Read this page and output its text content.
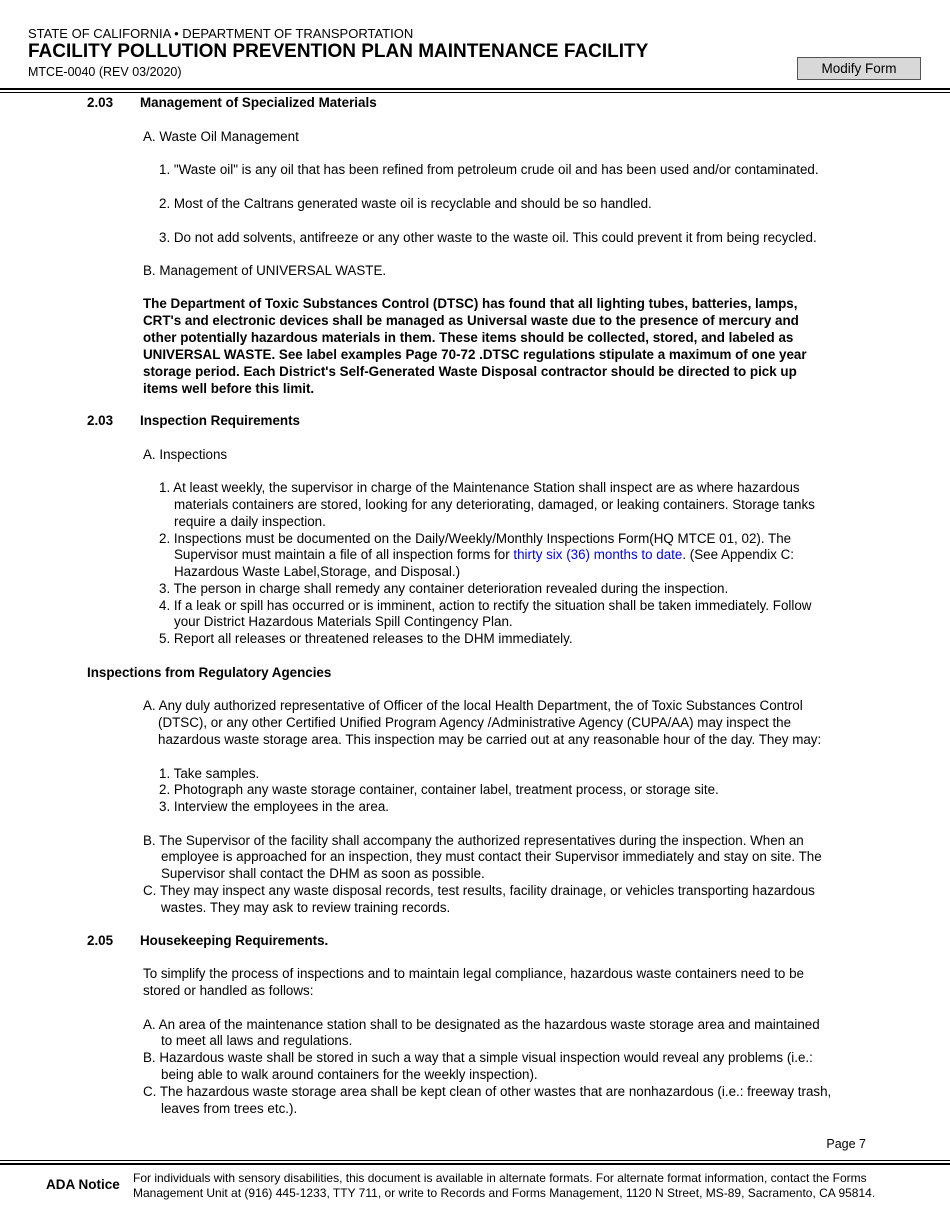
STATE OF CALIFORNIA • DEPARTMENT OF TRANSPORTATION
FACILITY POLLUTION PREVENTION PLAN MAINTENANCE FACILITY
MTCE-0040 (REV 03/2020)	Modify Form
2.03 Management of Specialized Materials
A. Waste Oil Management
1. "Waste oil" is any oil that has been refined from petroleum crude oil and has been used and/or contaminated.
2. Most of the Caltrans generated waste oil is recyclable and should be so handled.
3. Do not add solvents, antifreeze or any other waste to the waste oil. This could prevent it from being recycled.
B. Management of UNIVERSAL WASTE.
The Department of Toxic Substances Control (DTSC) has found that all lighting tubes, batteries, lamps,
CRT's and electronic devices shall be managed as Universal waste due to the presence of mercury and
other potentially hazardous materials in them. These items should be collected, stored, and labeled as
UNIVERSAL WASTE. See label examples Page 70-72 .DTSC regulations stipulate a maximum of one year
storage period. Each District's Self-Generated Waste Disposal contractor should be directed to pick up
items well before this limit.
2.03 Inspection Requirements
A. Inspections
1. At least weekly, the supervisor in charge of the Maintenance Station shall inspect are as where hazardous
materials containers are stored, looking for any deteriorating, damaged, or leaking containers. Storage tanks
require a daily inspection.
2. Inspections must be documented on the Daily/Weekly/Monthly Inspections Form(HQ MTCE 01, 02). The
Supervisor must maintain a file of all inspection forms for thirty six (36) months to date. (See Appendix C:
Hazardous Waste Label,Storage, and Disposal.)
3. The person in charge shall remedy any container deterioration revealed during the inspection.
4. If a leak or spill has occurred or is imminent, action to rectify the situation shall be taken immediately. Follow
your District Hazardous Materials Spill Contingency Plan.
5. Report all releases or threatened releases to the DHM immediately.
Inspections from Regulatory Agencies
A. Any duly authorized representative of Officer of the local Health Department, the of Toxic Substances Control
(DTSC), or any other Certified Unified Program Agency /Administrative Agency (CUPA/AA) may inspect the
hazardous waste storage area. This inspection may be carried out at any reasonable hour of the day. They may:
1. Take samples.
2. Photograph any waste storage container, container label, treatment process, or storage site.
3. Interview the employees in the area.
B. The Supervisor of the facility shall accompany the authorized representatives during the inspection. When an
employee is approached for an inspection, they must contact their Supervisor immediately and stay on site. The
Supervisor shall contact the DHM as soon as possible.
C. They may inspect any waste disposal records, test results, facility drainage, or vehicles transporting hazardous
wastes. They may ask to review training records.
2.05 Housekeeping Requirements.
To simplify the process of inspections and to maintain legal compliance, hazardous waste containers need to be
stored or handled as follows:
A. An area of the maintenance station shall to be designated as the hazardous waste storage area and maintained
to meet all laws and regulations.
B. Hazardous waste shall be stored in such a way that a simple visual inspection would reveal any problems (i.e.:
being able to walk around containers for the weekly inspection).
C. The hazardous waste storage area shall be kept clean of other wastes that are nonhazardous (i.e.: freeway trash,
leaves from trees etc.).
Page 7
ADA Notice For individuals with sensory disabilities, this document is available in alternate formats. For alternate format information, contact the Forms Management Unit at (916) 445-1233, TTY 711, or write to Records and Forms Management, 1120 N Street, MS-89, Sacramento, CA 95814.
